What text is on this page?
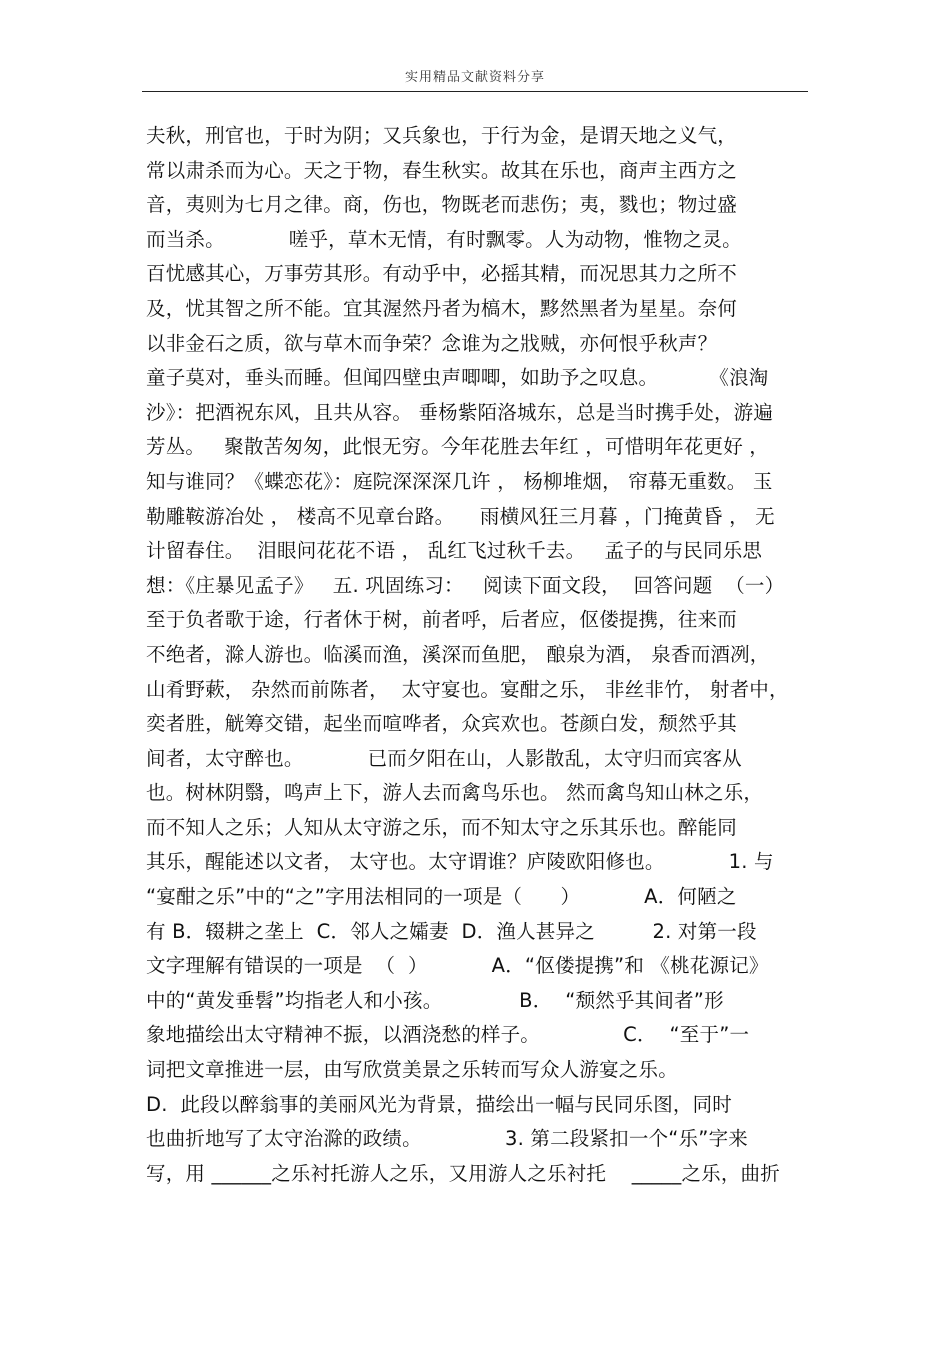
实用精品文献资料分享
夫秋，刑官也，于时为阴；又兵象也，于行为金，是谓天地之义气，
常以肃杀而为心。天之于物，春生秋实。故其在乐也，商声主西方之
音，夷则为七月之律。商，伤也，物既老而悲伤；夷，戮也；物过盛
而当杀。          嗟乎，草木无情，有时飘零。人为动物，惟物之灵。
百忧感其心，万事劳其形。有动乎中，必摇其精，而况思其力之所不
及，忧其智之所不能。宜其渥然丹者为槁木，黟然黑者为星星。奈何
以非金石之质，欲与草木而争荣？念谁为之戕贼，亦何恨乎秋声？
童子莫对，垂头而睡。但闻四壁虫声唧唧，如助予之叹息。        《浪淘
沙》：把酒祝东风，且共从容。 垂杨紫陌洛城东，总是当时携手处，游遍
芳丛。   聚散苦匆匆，此恨无穷。今年花胜去年红 ，可惜明年花更好 ，
知与谁同？《蝶恋花》：庭院深深深几许 ， 杨柳堆烟， 帘幕无重数。 玉
勒雕鞍游冶处 ， 楼高不见章台路。    雨横风狂三月暮 ，门掩黄昏 ， 无
计留春住。  泪眼问花花不语 ， 乱红飞过秋千去。   孟子的与民同乐思
想：《庄暴见孟子》   五. 巩固练习：   阅读下面文段，  回答问题  （一）
至于负者歌于途，行者休于树，前者呼，后者应，伛偻提携，往来而
不绝者，滁人游也。临溪而渔，溪深而鱼肥， 酿泉为酒， 泉香而酒冽，
山肴野蔌， 杂然而前陈者，  太守宴也。宴酣之乐， 非丝非竹， 射者中，
奕者胜，觥筹交错，起坐而喧哗者，众宾欢也。苍颜白发，颓然乎其
间者，太守醉也。          已而夕阳在山，人影散乱，太守归而宾客从
也。树林阴翳，鸣声上下，游人去而禽鸟乐也。 然而禽鸟知山林之乐，
而不知人之乐；人知从太守游之乐，而不知太守之乐其乐也。醉能同
其乐，醒能述以文者， 太守也。太守谓谁？庐陵欧阳修也。          1. 与
“宴酣之乐”中的“之”字用法相同的一项是（      ）          A．何陋之
有 B．辍耕之垄上  C．邻人之孀妻  D．渔人甚异之         2. 对第一段
文字理解有错误的一项是  （  ）          A．“伛偻提携”和 《桃花源记》
中的“黄发垂髫”均指老人和小孩。            B．  “颓然乎其间者”形
象地描绘出太守精神不振，以酒浇愁的样子。             C．  “至于”一
词把文章推进一层，由写欣赏美景之乐转而写众人游宴之乐。
D.  此段以醉翁事的美丽风光为背景，描绘出一幅与民同乐图，同时
也曲折地写了太守治滁的政绩。             3. 第二段紧扣一个“乐”字来
写，用 ______之乐衬托游人之乐，又用游人之乐衬托    _____之乐，曲折
